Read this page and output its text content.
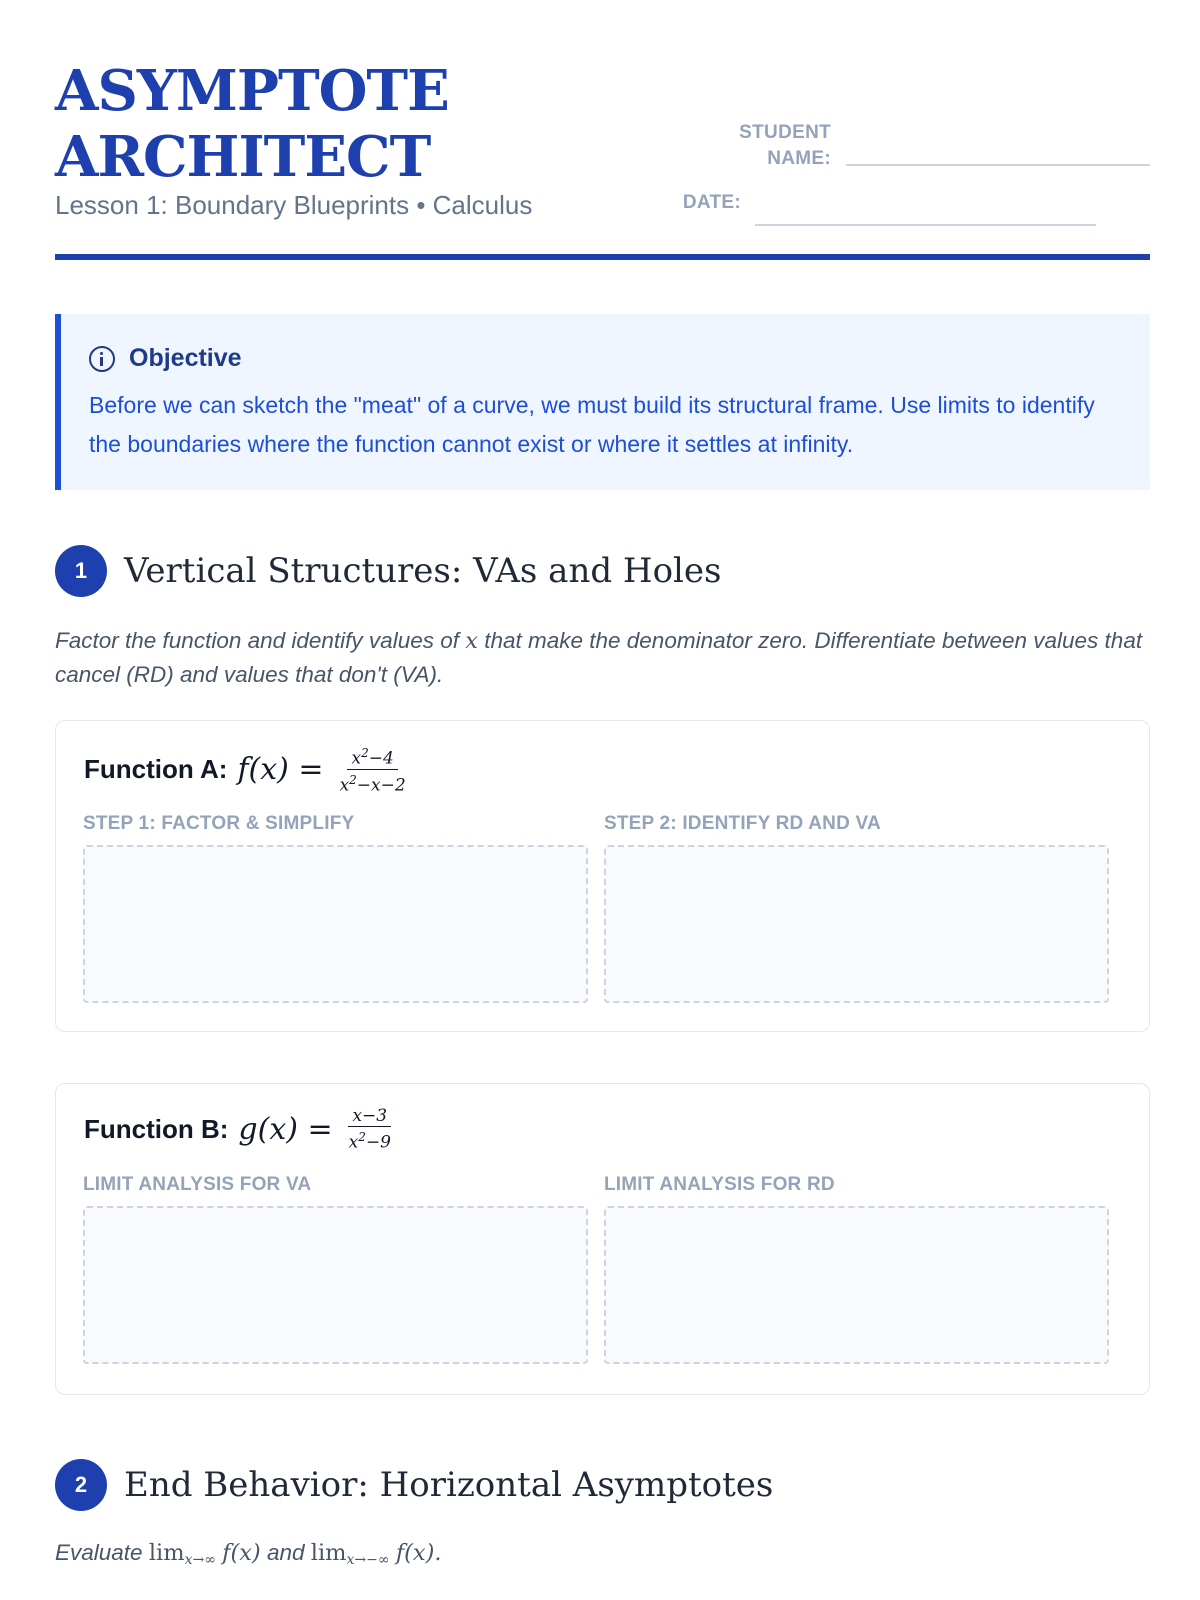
ASYMPTOTE
ARCHITECT
Lesson 1: Boundary Blueprints • Calculus
STUDENT
NAME:
DATE:
Objective
Before we can sketch the "meat" of a curve, we must build its structural frame. Use limits to identify the boundaries where the function cannot exist or where it settles at infinity.
1	Vertical Structures: VAs and Holes
Factor the function and identify values of x that make the denominator zero. Differentiate between values that cancel (RD) and values that don't (VA).
Function A: $f(x) = \frac{x^2-4}{x^2-x-2}$
STEP 1: FACTOR & SIMPLIFY	STEP 2: IDENTIFY RD AND VA
Function B: $g(x) = \frac{x-3}{x^2-9}$
LIMIT ANALYSIS FOR VA	LIMIT ANALYSIS FOR RD
2	End Behavior: Horizontal Asymptotes
Evaluate $\lim_{x\to\infty} f(x)$ and $\lim_{x\to-\infty} f(x)$.
